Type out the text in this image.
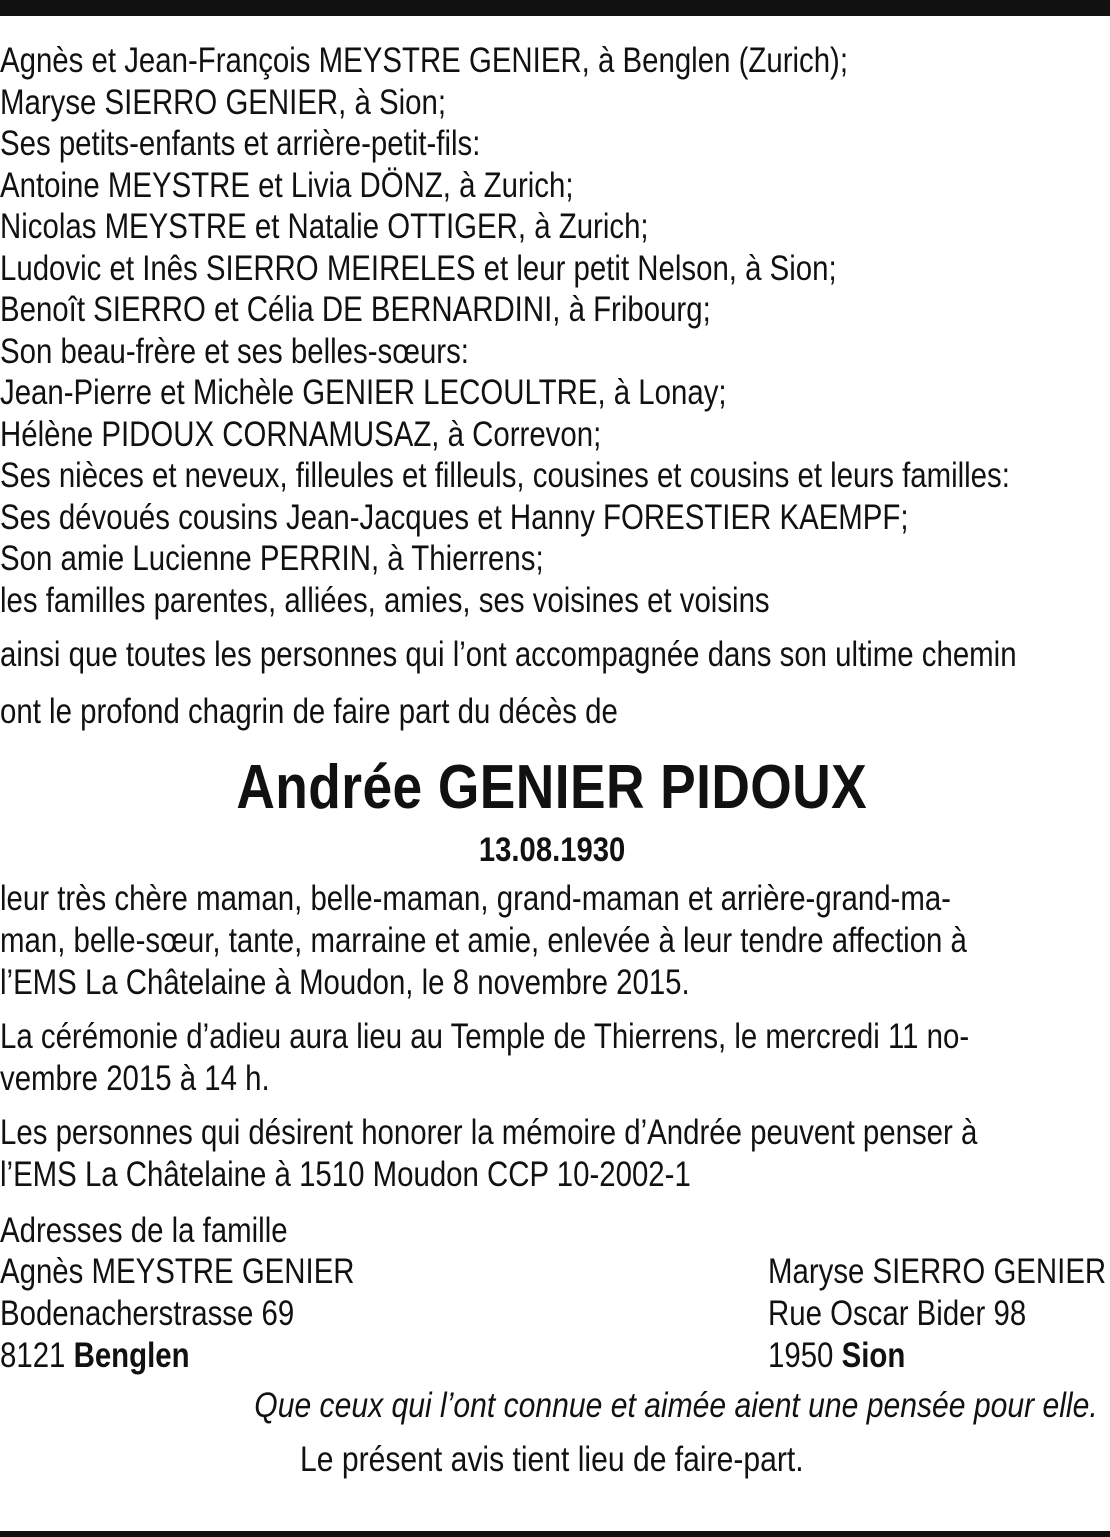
Agnès et Jean-François MEYSTRE GENIER, à Benglen (Zurich);
Maryse SIERRO GENIER, à Sion;
Ses petits-enfants et arrière-petit-fils:
Antoine MEYSTRE et Livia DÖNZ, à Zurich;
Nicolas MEYSTRE et Natalie OTTIGER, à Zurich;
Ludovic et Inês SIERRO MEIRELES et leur petit Nelson, à Sion;
Benoît SIERRO et Célia DE BERNARDINI, à Fribourg;
Son beau-frère et ses belles-sœurs:
Jean-Pierre et Michèle GENIER LECOULTRE, à Lonay;
Hélène PIDOUX CORNAMUSAZ, à Correvon;
Ses nièces et neveux, filleules et filleuls, cousines et cousins et leurs familles:
Ses dévoués cousins Jean-Jacques et Hanny FORESTIER KAEMPF;
Son amie Lucienne PERRIN, à Thierrens;
les familles parentes, alliées, amies, ses voisines et voisins
ainsi que toutes les personnes qui l’ont accompagnée dans son ultime chemin
ont le profond chagrin de faire part du décès de
Andrée GENIER PIDOUX
13.08.1930
leur très chère maman, belle-maman, grand-maman et arrière-grand-ma-
man, belle-sœur, tante, marraine et amie, enlevée à leur tendre affection à
l’EMS La Châtelaine à Moudon, le 8 novembre 2015.
La cérémonie d’adieu aura lieu au Temple de Thierrens, le mercredi 11 no-
vembre 2015 à 14 h.
Les personnes qui désirent honorer la mémoire d’Andrée peuvent penser à
l’EMS La Châtelaine à 1510 Moudon CCP 10-2002-1
Adresses de la famille
Agnès MEYSTRE GENIER	Maryse SIERRO GENIER
Bodenacherstrasse 69	Rue Oscar Bider 98
8121 Benglen	1950 Sion
Que ceux qui l’ont connue et aimée aient une pensée pour elle.
Le présent avis tient lieu de faire-part.
